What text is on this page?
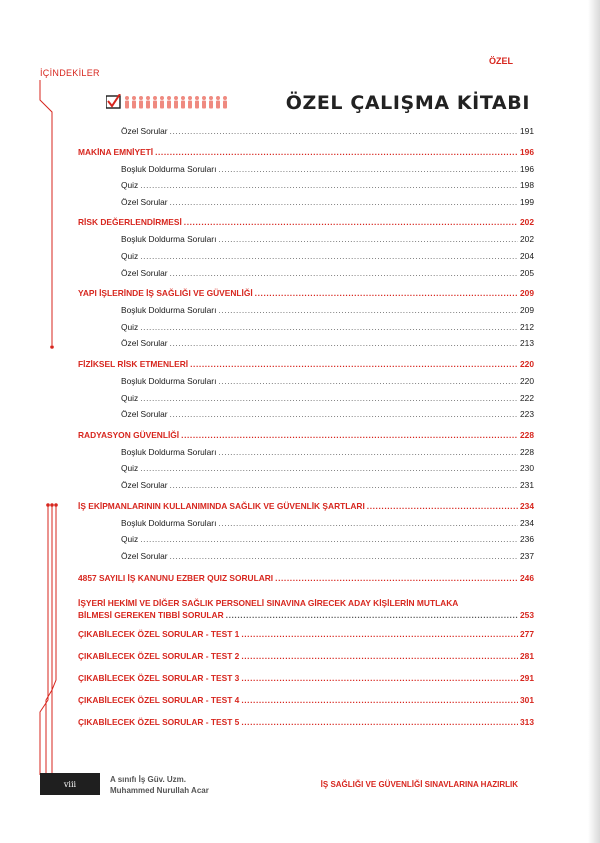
ÖZEL
İÇİNDEKİLER
ÖZEL ÇALIŞMA KİTABI
Özel Sorular .....	191
MAKİNA EMNİYETİ .....	196
Boşluk Doldurma Soruları .....	196
Quiz .....	198
Özel Sorular .....	199
RİSK DEĞERLENDİRMESİ .....	202
Boşluk Doldurma Soruları .....	202
Quiz .....	204
Özel Sorular .....	205
YAPI İŞLERİNDE İŞ SAĞLIĞI VE GÜVENLİĞİ .....	209
Boşluk Doldurma Soruları .....	209
Quiz .....	212
Özel Sorular .....	213
FİZİKSEL RİSK ETMENLERİ .....	220
Boşluk Doldurma Soruları .....	220
Quiz .....	222
Özel Sorular .....	223
RADYASYON GÜVENLİĞİ .....	228
Boşluk Doldurma Soruları .....	228
Quiz .....	230
Özel Sorular .....	231
İŞ EKİPMANLARININ KULLANIMINDA SAĞLIK VE GÜVENLİK ŞARTLARI .....	234
Boşluk Doldurma Soruları .....	234
Quiz .....	236
Özel Sorular .....	237
4857 SAYILI İŞ KANUNU EZBER QUIZ SORULARI .....	246
İŞYERİ HEKİMİ VE DİĞER SAĞLIK PERSONELİ SINAVINA GİRECEK ADAY KİŞİLERİN MUTLAKA
BİLMESİ GEREKEN TIBBİ SORULAR .....	253
ÇIKABİLECEK ÖZEL SORULAR - TEST 1 .....	277
ÇIKABİLECEK ÖZEL SORULAR - TEST 2 .....	281
ÇIKABİLECEK ÖZEL SORULAR - TEST 3 .....	291
ÇIKABİLECEK ÖZEL SORULAR - TEST 4 .....	301
ÇIKABİLECEK ÖZEL SORULAR - TEST 5 .....	313
viii	A sınıfı İş Güv. Uzm.
Muhammed Nurullah Acar
İŞ SAĞLIĞI VE GÜVENLİĞİ SINAVLARINA HAZIRLIK
